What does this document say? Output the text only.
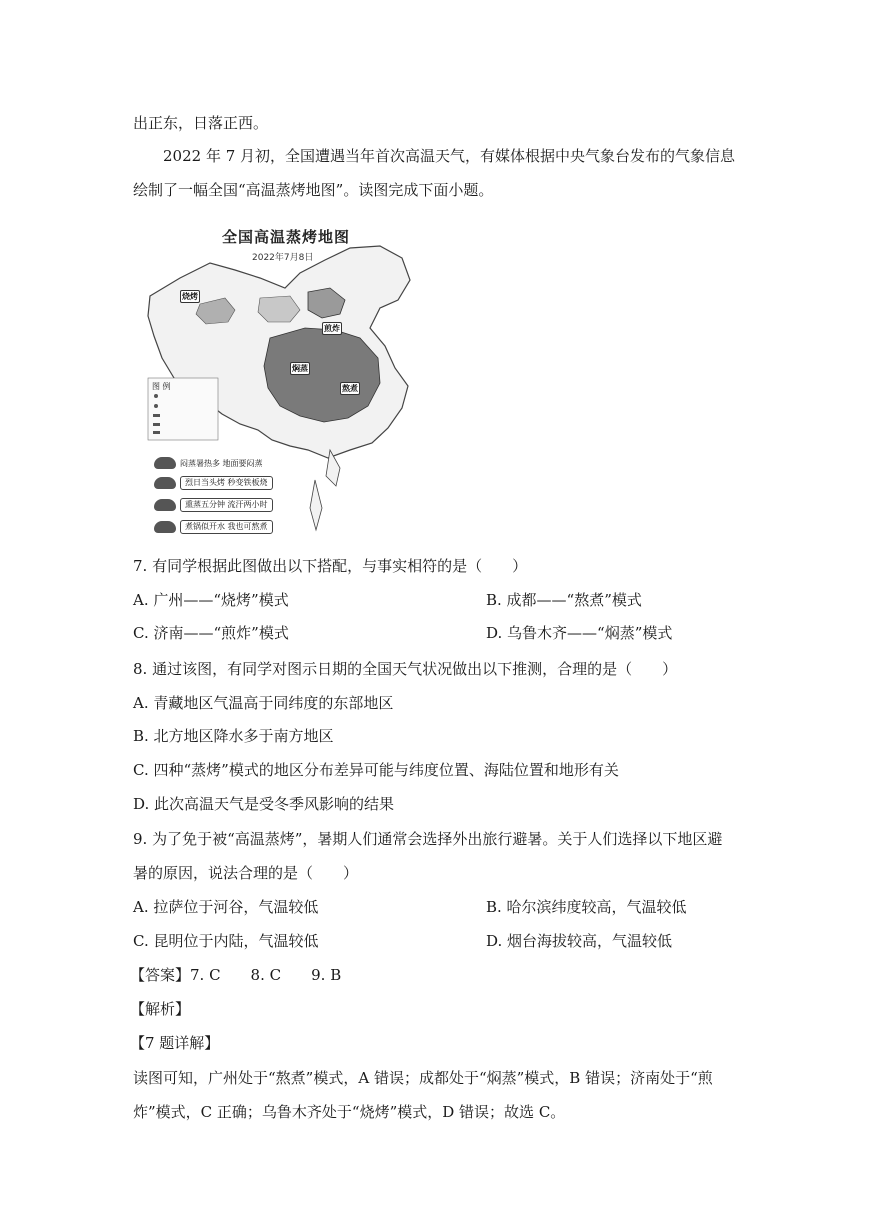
出正东，日落正西。
2022 年 7 月初，全国遭遇当年首次高温天气，有媒体根据中央气象台发布的气象信息
绘制了一幅全国“高温蒸烤地图”。读图完成下面小题。
全国高温蒸烤地图
2022年7月8日
烧烤
煎炸
焖蒸
熬煮
图 例
闷蒸暑热多 地面要闷蒸
烈日当头烤 秒变铁板烧
熏蒸五分钟 流汗两小时
煮锅似开水 我也可熬煮
7. 有同学根据此图做出以下搭配，与事实相符的是（　　）
A. 广州——“烧烤”模式	B. 成都——“熬煮”模式
C. 济南——“煎炸”模式	D. 乌鲁木齐——“焖蒸”模式
8. 通过该图，有同学对图示日期的全国天气状况做出以下推测，合理的是（　　）
A. 青藏地区气温高于同纬度的东部地区
B. 北方地区降水多于南方地区
C. 四种“蒸烤”模式的地区分布差异可能与纬度位置、海陆位置和地形有关
D. 此次高温天气是受冬季风影响的结果
9. 为了免于被“高温蒸烤”，暑期人们通常会选择外出旅行避暑。关于人们选择以下地区避
暑的原因，说法合理的是（　　）
A. 拉萨位于河谷，气温较低	B. 哈尔滨纬度较高，气温较低
C. 昆明位于内陆，气温较低	D. 烟台海拔较高，气温较低
【答案】7. C　　8. C　　9. B
【解析】
【7 题详解】
读图可知，广州处于“熬煮”模式，A 错误；成都处于“焖蒸”模式，B 错误；济南处于“煎
炸”模式，C 正确；乌鲁木齐处于“烧烤”模式，D 错误；故选 C。
